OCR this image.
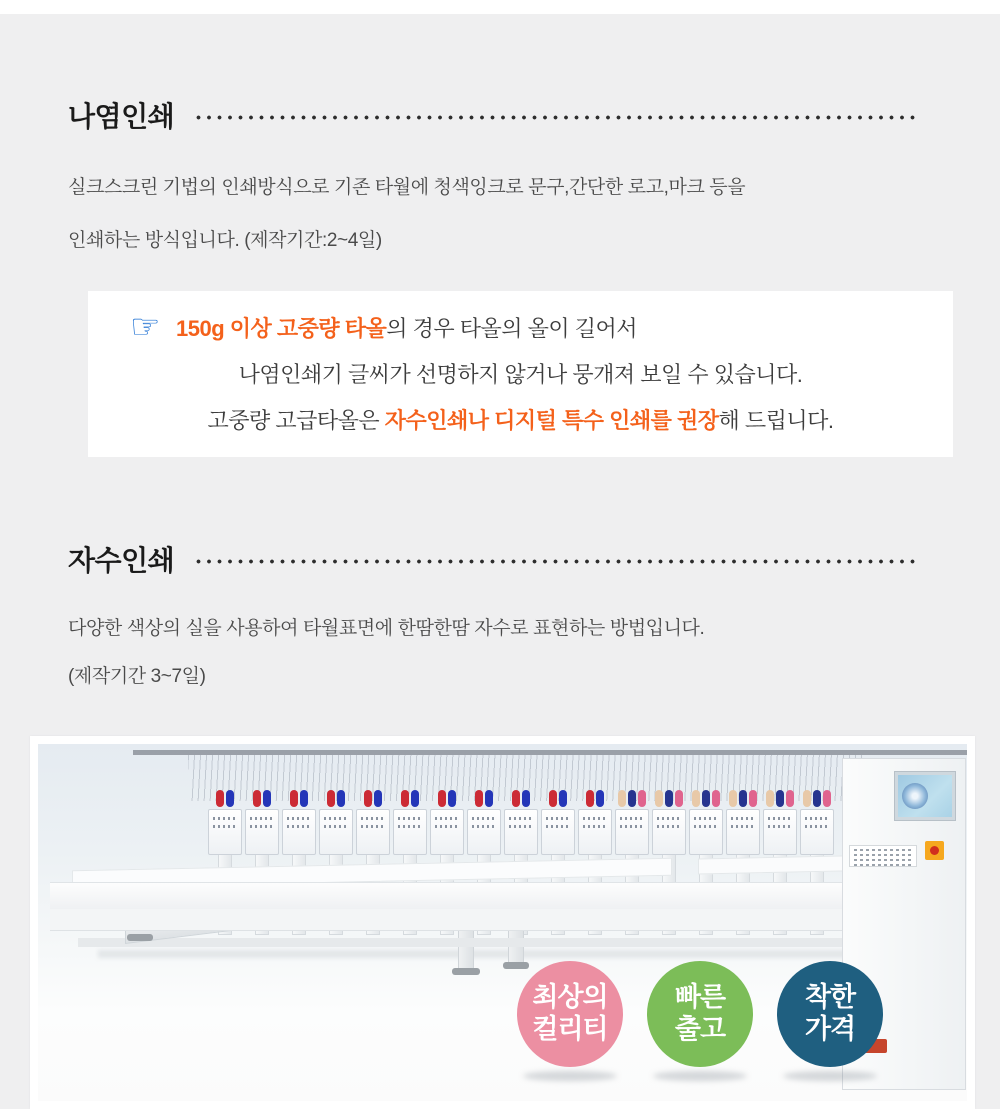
나염인쇄
실크스크린 기법의 인쇄방식으로 기존 타월에 청색잉크로 문구,간단한 로고,마크 등을
인쇄하는 방식입니다. (제작기간:2~4일)
☞ 150g 이상 고중량 타올의 경우 타올의 올이 길어서
나염인쇄기 글씨가 선명하지 않거나 뭉개져 보일 수 있습니다.
고중량 고급타올은 자수인쇄나 디지털 특수 인쇄를 권장해 드립니다.
자수인쇄
다양한 색상의 실을 사용하여 타월표면에 한땀한땀 자수로 표현하는 방법입니다.
(제작기간 3~7일)
최상의
컬리티
빠른
출고
착한
가격
